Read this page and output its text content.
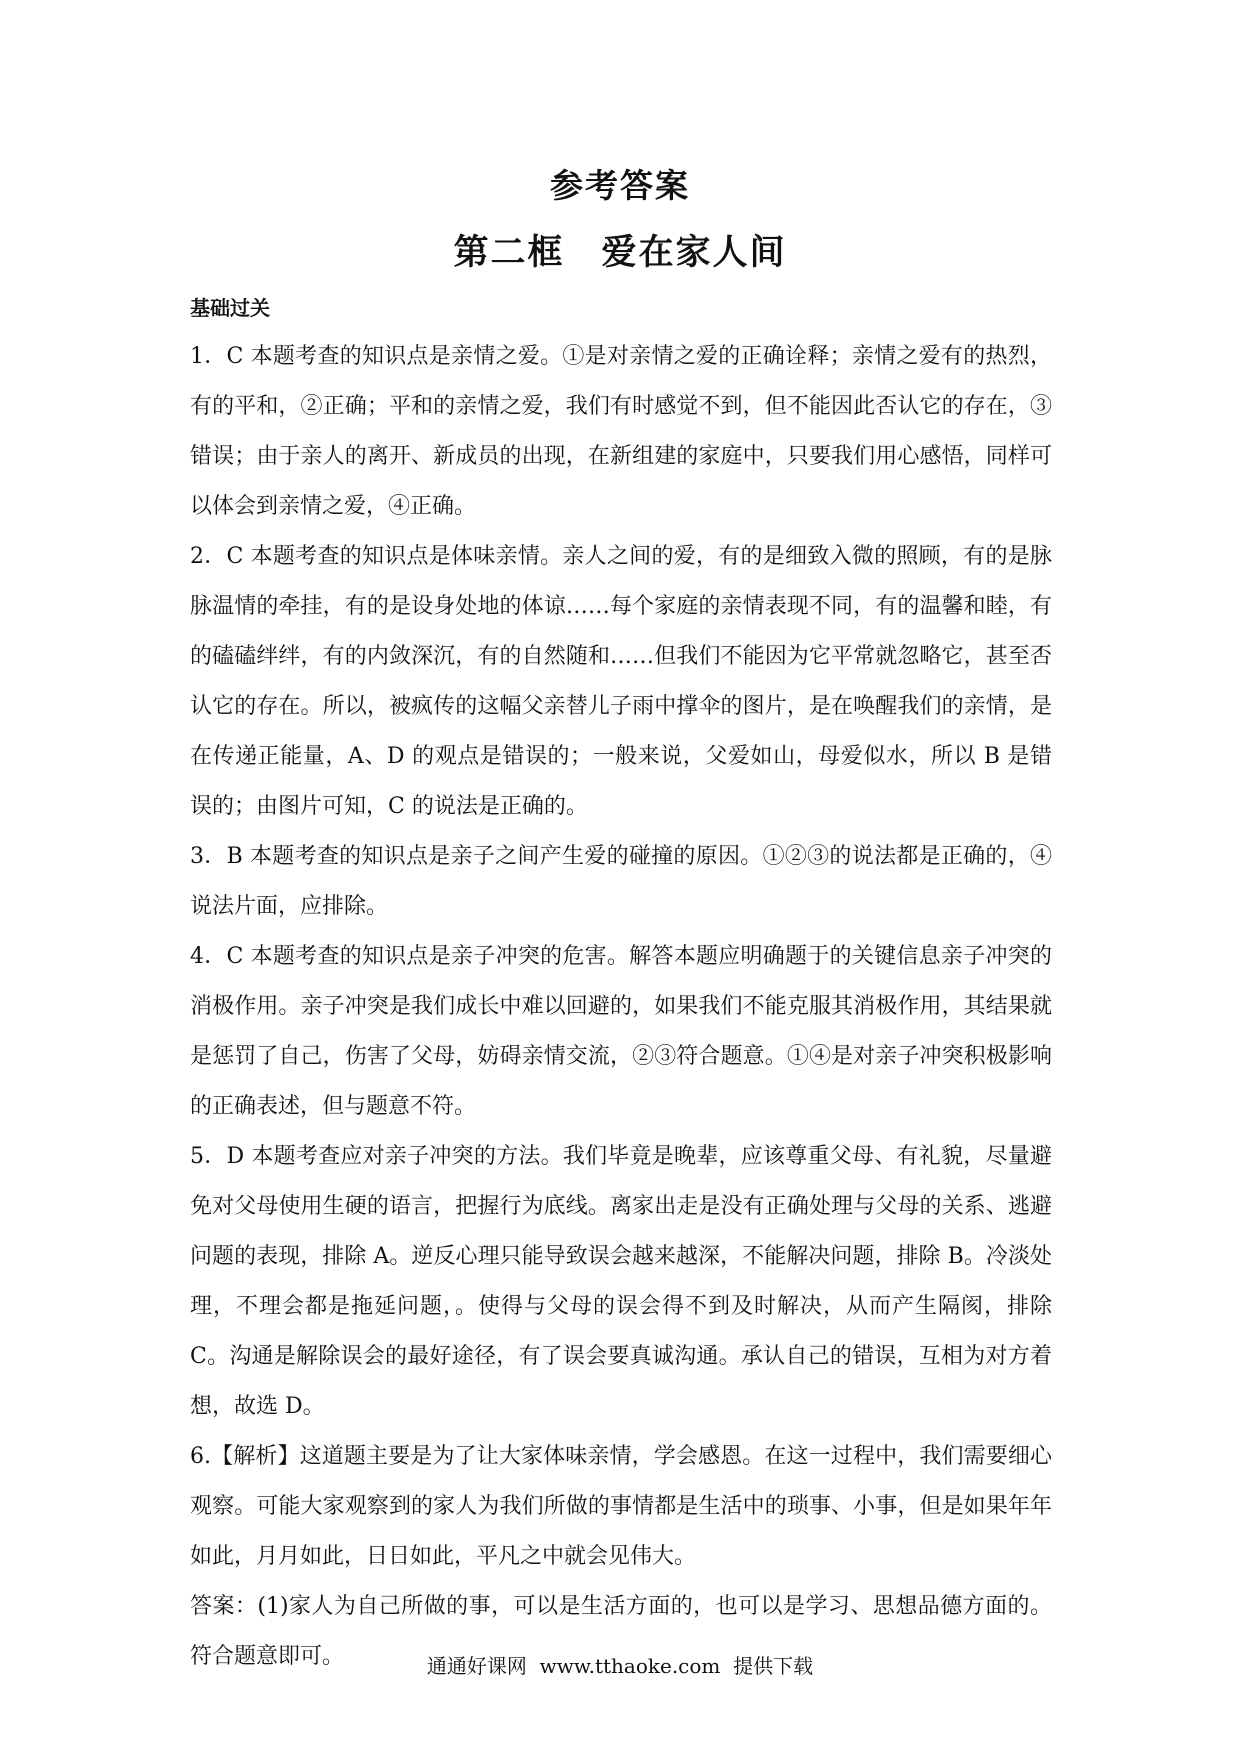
参考答案
第二框　爱在家人间
基础过关

1．C 本题考查的知识点是亲情之爱。①是对亲情之爱的正确诠释；亲情之爱有的热烈，有的平和，②正确；平和的亲情之爱，我们有时感觉不到，但不能因此否认它的存在，③错误；由于亲人的离开、新成员的出现，在新组建的家庭中，只要我们用心感悟，同样可以体会到亲情之爱，④正确。

2．C 本题考查的知识点是体味亲情。亲人之间的爱，有的是细致入微的照顾，有的是脉脉温情的牵挂，有的是设身处地的体谅……每个家庭的亲情表现不同，有的温馨和睦，有的磕磕绊绊，有的内敛深沉，有的自然随和……但我们不能因为它平常就忽略它，甚至否认它的存在。所以，被疯传的这幅父亲替儿子雨中撑伞的图片，是在唤醒我们的亲情，是在传递正能量，A、D 的观点是错误的；一般来说，父爱如山，母爱似水，所以 B 是错误的；由图片可知，C 的说法是正确的。

3．B 本题考查的知识点是亲子之间产生爱的碰撞的原因。①②③的说法都是正确的，④说法片面，应排除。

4．C 本题考查的知识点是亲子冲突的危害。解答本题应明确题于的关键信息亲子冲突的消极作用。亲子冲突是我们成长中难以回避的，如果我们不能克服其消极作用，其结果就是惩罚了自己，伤害了父母，妨碍亲情交流，②③符合题意。①④是对亲子冲突积极影响的正确表述，但与题意不符。

5．D 本题考查应对亲子冲突的方法。我们毕竟是晚辈，应该尊重父母、有礼貌，尽量避免对父母使用生硬的语言，把握行为底线。离家出走是没有正确处理与父母的关系、逃避问题的表现，排除 A。逆反心理只能导致误会越来越深，不能解决问题，排除 B。冷淡处理，不理会都是拖延问题，。使得与父母的误会得不到及时解决，从而产生隔阂，排除 C。沟通是解除误会的最好途径，有了误会要真诚沟通。承认自己的错误，互相为对方着想，故选 D。

6.【解析】这道题主要是为了让大家体味亲情，学会感恩。在这一过程中，我们需要细心观察。可能大家观察到的家人为我们所做的事情都是生活中的琐事、小事，但是如果年年如此，月月如此，日日如此，平凡之中就会见伟大。

答案：(1)家人为自己所做的事，可以是生活方面的，也可以是学习、思想品德方面的。符合题意即可。	通通好课网  www.tthaoke.com  提供下载
